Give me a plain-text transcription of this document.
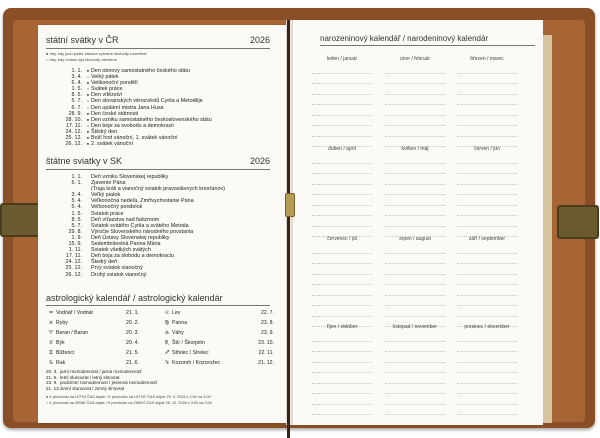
státní svátky v ČR	2026
● dny, kdy jsou podle zákona vybrané obchody uzavřené
○ dny, kdy mohou být obchody otevřené
1. 1.	● Den obnovy samostatného českého státu
3. 4.	○ Velký pátek
6. 4.	● Velikonoční pondělí
1. 5.	○ Svátek práce
8. 5.	● Den vítězství
5. 7.	○ Den slovanských věrozvěstů Cyrila a Metoděje
6. 7.	○ Den upálení mistra Jana Husa
28. 9.	● Den české státnosti
28. 10.	● Den vzniku samostatného československého státu
17. 11.	○ Den boje za svobodu a demokracii
24. 12.	● Štědrý den
25. 12.	● Boží hod vánoční, 1. svátek vánoční
26. 12.	● 2. svátek vánoční
štátne sviatky v SK	2026
1. 1.	Deň vzniku Slovenskej republiky
6. 1.	Zjavenie Pána
(Traja králi a vianočný sviatok pravoslávnych kresťanov)
3. 4.	Veľký piatok
5. 4.	Veľkonočná nedeľa, Zmŕtvychvstanie Pána
6. 4.	Veľkonočný pondelok
1. 5.	Sviatok práce
8. 5.	Deň víťazstva nad fašizmom
5. 7.	Sviatok svätého Cyrila a svätého Metoda
29. 8.	Výročie Slovenského národného povstania
1. 9.	Deň Ústavy Slovenskej republiky
15. 9.	Sedembolestná Panna Mária
1. 11.	Sviatok všetkých svätých
17. 11.	Deň boja za slobodu a demokraciu
24. 12.	Štedrý deň
25. 12.	Prvý sviatok vianočný
26. 12.	Druhý sviatok vianočný
astrologický kalendář / astrologický kalendár
♒ Vodnář / Vodnár	21. 1.	♌ Lev	22. 7.
♓ Ryby	20. 2.	♍ Panna	23. 8.
♈ Beran / Baran	20. 3.	♎ Váhy	23. 9.
♉ Býk	20. 4.	♏ Štír / Škorpión	23. 10.
♊ Blíženci	21. 5.	♐ Střelec / Strelec	22. 11.
♋ Rak	21. 6.	♑ Kozoroh / Kozorožec	21. 12.
20. 3. jarní rovnodennost / jarná rovnodennosť
21. 6. letní slunovrat / letný slnovrat
23. 9. podzimní rovnodennost / jesenná rovnodennosť
21. 12. zimní slunovrat / zimný slnovrat
● K přechodu na LETNÍ ČAS dojde / K prechodu na LETNÝ ČAS dôjde 29. 3. 2026 z 2:00 na 3:00
○ K přechodu na ZIMNÍ ČAS dojde / K prechodu na ZIMNÝ ČAS dôjde 25. 10. 2026 z 3:00 na 2:00
narozeninový kalendář / narodeninový kalendár
leden / január	únor / február	březen / marec
duben / apríl	květen / máj	červen / jún
červenec / júl	srpen / august	září / september
říjen / október	listopad / november	prosinec / december
